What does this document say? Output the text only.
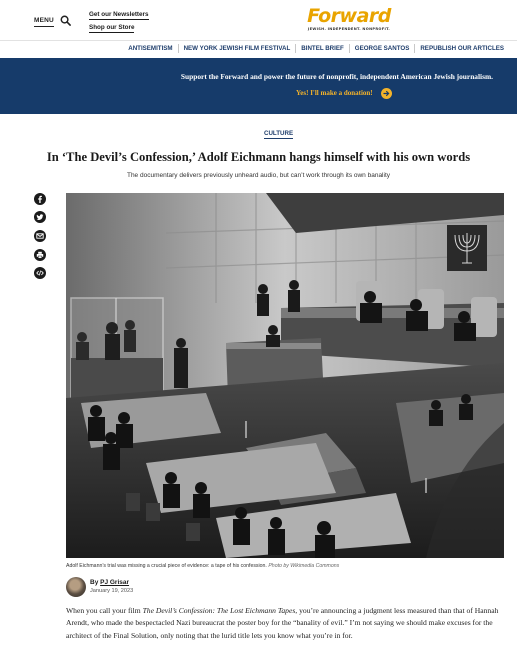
MENU
Get our Newsletters
Shop our Store
Forward
JEWISH. INDEPENDENT. NONPROFIT.
ANTISEMITISM	NEW YORK JEWISH FILM FESTIVAL	BINTEL BRIEF	GEORGE SANTOS	REPUBLISH OUR ARTICLES
Support the Forward and power the future of nonprofit, independent American Jewish journalism.
Yes! I'll make a donation!
CULTURE
In ‘The Devil’s Confession,’ Adolf Eichmann hangs himself with his own words
The documentary delivers previously unheard audio, but can’t work through its own banality
Adolf Eichmann’s trial was missing a crucial piece of evidence: a tape of his confession. Photo by Wikimedia Commons
By PJ Grisar
January 19, 2023

When you call your film The Devil’s Confession: The Lost Eichmann Tapes, you’re announcing a judgment less measured than that of Hannah Arendt, who made the bespectacled Nazi bureaucrat the poster boy for the “banality of evil.” I’m not saying we should make excuses for the architect of the Final Solution, only noting that the lurid title lets you know what you’re in for.
